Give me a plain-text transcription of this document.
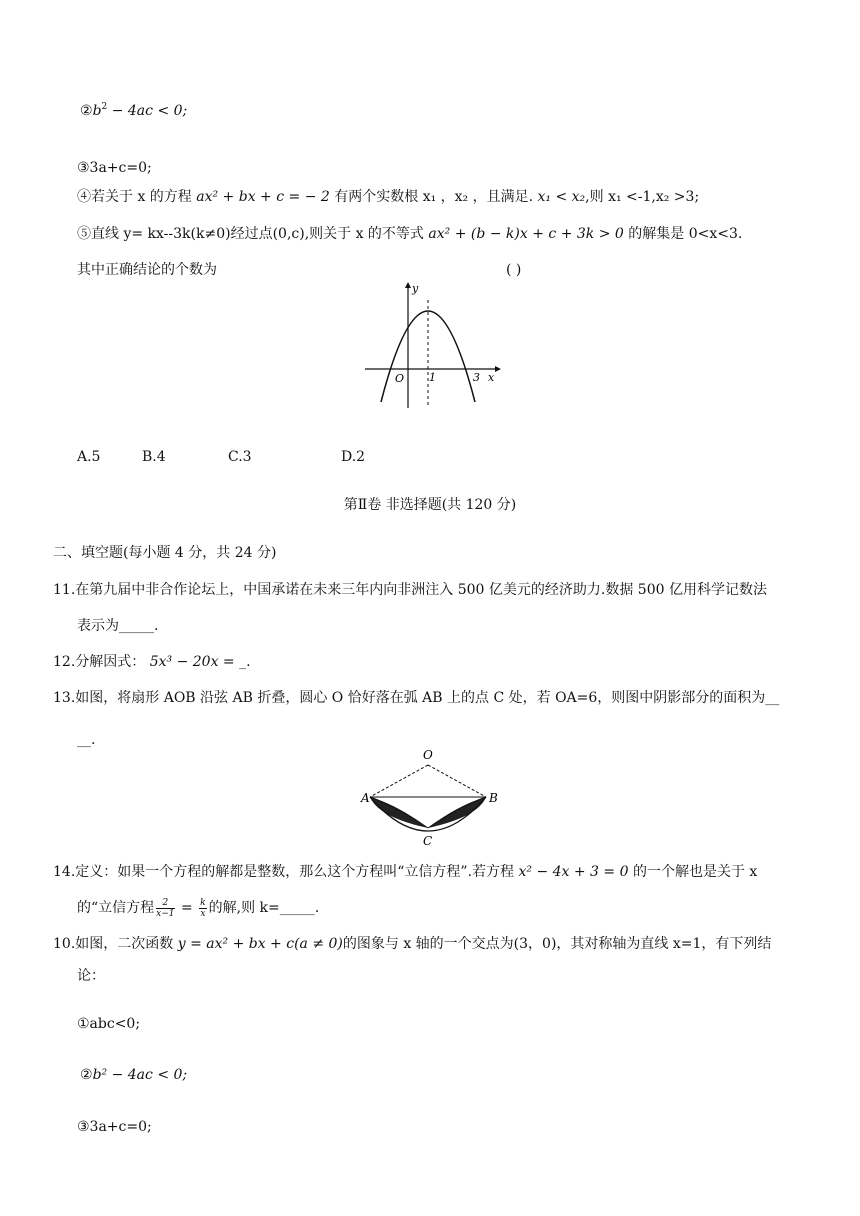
$②b^2 - 4ac < 0$;
③3a+c=0;
④若关于 x 的方程 ax² + bx + c = − 2 有两个实数根 x₁ ，x₂ ，且满足. x₁ < x₂,则 x₁ <-1,x₂ >3;
⑤直线 y= kx--3k(k≠0)经过点(0,c),则关于 x 的不等式 ax² + (b − k)x + c + 3k > 0 的解集是 0<x<3.
其中正确结论的个数为	( )
y
x
O 1	3
A.5	B.4	C.3	D.2
第Ⅱ卷 非选择题(共 120 分)
二、填空题(每小题 4 分，共 24 分)
11.在第九届中非合作论坛上，中国承诺在未来三年内向非洲注入 500 亿美元的经济助力.数据 500 亿用科学记数法
表示为_____.
12.分解因式： 5x³ − 20x = _.
13.如图，将扇形 AOB 沿弦 AB 折叠，圆心 O 恰好落在弧 AB 上的点 C 处，若 OA=6，则图中阴影部分的面积为__
__.
O
A	B
C
14.定义：如果一个方程的解都是整数，那么这个方程叫“立信方程”.若方程 x² − 4x + 3 = 0 的一个解也是关于 x
的“立信方程 $\frac{2}{x-1} = \frac{k}{x}$ 的解,则 k=_____.
10.如图，二次函数 y = ax² + bx + c(a ≠ 0)的图象与 x 轴的一个交点为(3，0)，其对称轴为直线 x=1，有下列结
论：
①abc<0;
②b² − 4ac < 0;
③3a+c=0;
